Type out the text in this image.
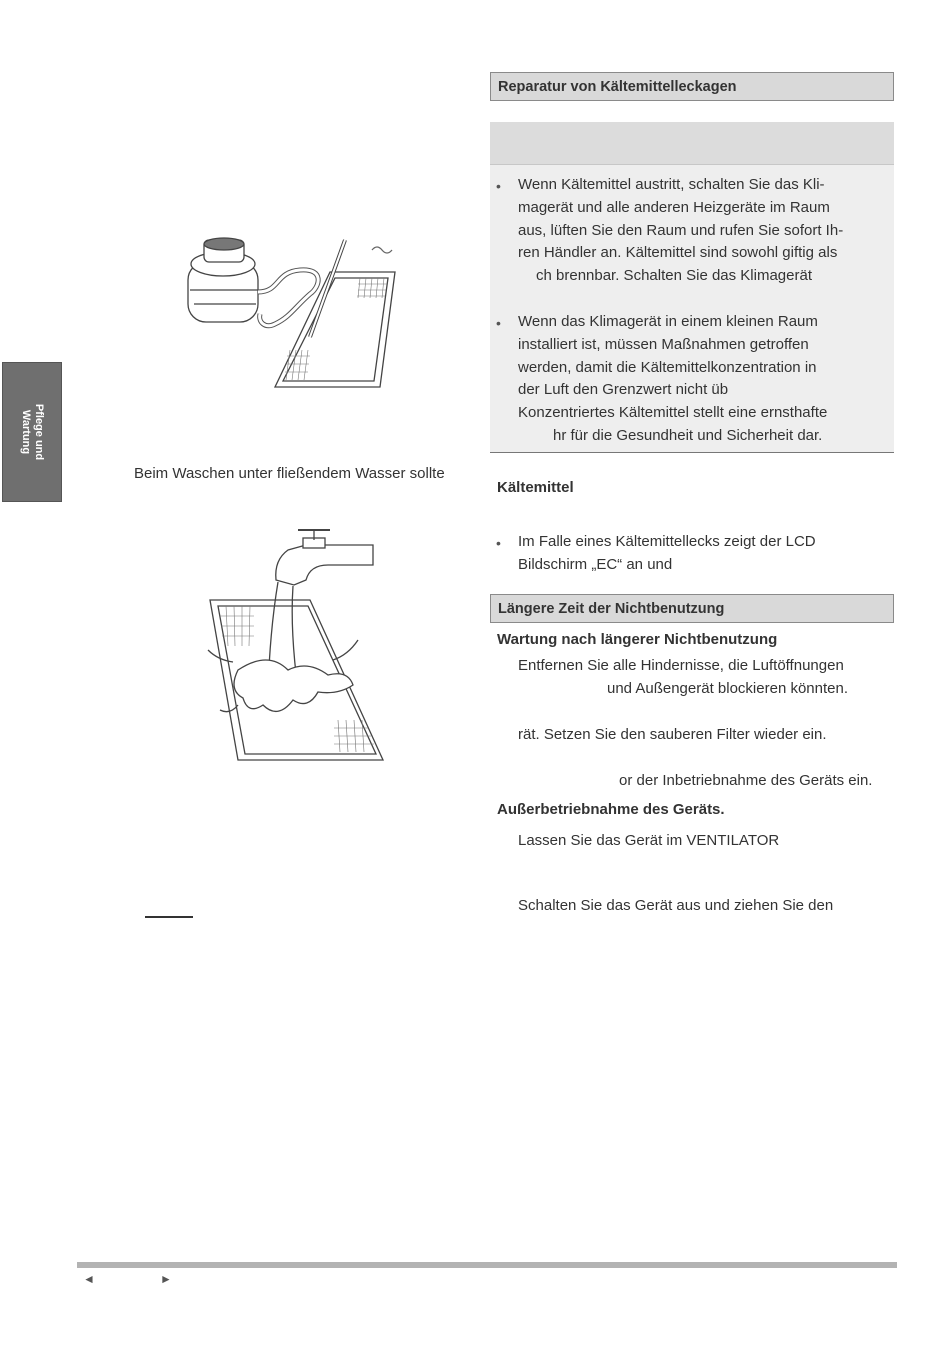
Pflege und
Wartung
Beim Waschen unter fließendem Wasser sollte
Reparatur von Kältemittelleckagen
• Wenn Kältemittel austritt, schalten Sie das Kli-
magerät und alle anderen Heizgeräte im Raum
aus, lüften Sie den Raum und rufen Sie sofort Ih-
ren Händler an. Kältemittel sind sowohl giftig als
ch brennbar. Schalten Sie das Klimagerät
• Wenn das Klimagerät in einem kleinen Raum
installiert ist, müssen Maßnahmen getroffen
werden, damit die Kältemittelkonzentration in
der Luft den Grenzwert nicht üb
Konzentriertes Kältemittel stellt eine ernsthafte
hr für die Gesundheit und Sicherheit dar.
Kältemittel
• Im Falle eines Kältemittellecks zeigt der LCD
Bildschirm „EC“ an und
Längere Zeit der Nichtbenutzung
Wartung nach längerer Nichtbenutzung
Entfernen Sie alle Hindernisse, die Luftöffnungen
und Außengerät blockieren könnten.
rät. Setzen Sie den sauberen Filter wieder ein.
or der Inbetriebnahme des Geräts ein.
Außerbetriebnahme des Geräts.
Lassen Sie das Gerät im VENTILATOR
Schalten Sie das Gerät aus und ziehen Sie den
◄	►
